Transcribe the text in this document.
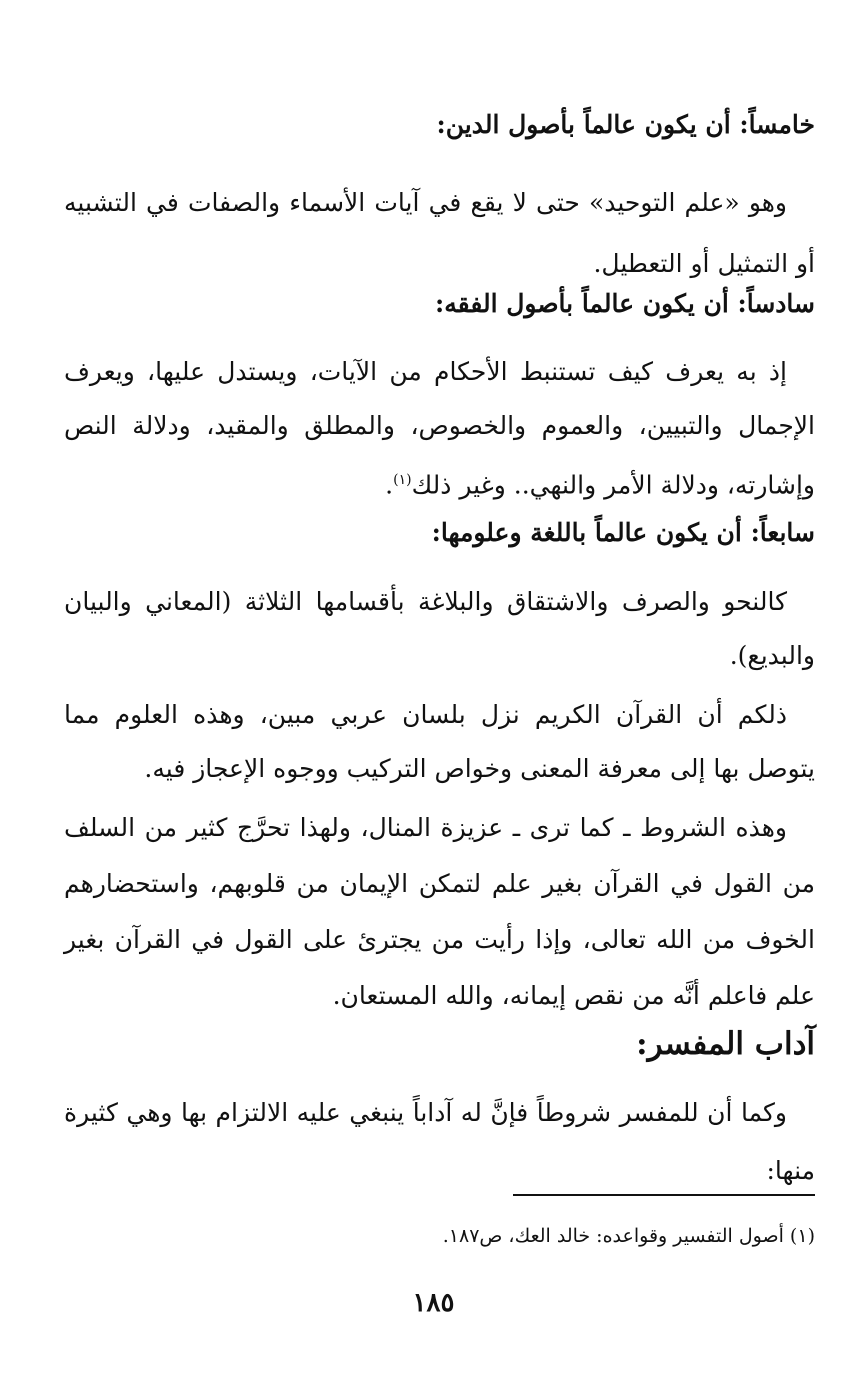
خامساً: أن يكون عالماً بأصول الدين:
وهو «علم التوحيد» حتى لا يقع في آيات الأسماء والصفات في التشبيه أو التمثيل أو التعطيل.
سادساً: أن يكون عالماً بأصول الفقه:
إذ به يعرف كيف تستنبط الأحكام من الآيات، ويستدل عليها، ويعرف الإجمال والتبيين، والعموم والخصوص، والمطلق والمقيد، ودلالة النص وإشارته، ودلالة الأمر والنهي.. وغير ذلك$^{(١)}$.
سابعاً: أن يكون عالماً باللغة وعلومها:
كالنحو والصرف والاشتقاق والبلاغة بأقسامها الثلاثة (المعاني والبيان والبديع).
ذلكم أن القرآن الكريم نزل بلسان عربي مبين، وهذه العلوم مما يتوصل بها إلى معرفة المعنى وخواص التركيب ووجوه الإعجاز فيه.
وهذه الشروط ـ كما ترى ـ عزيزة المنال، ولهذا تحرَّج كثير من السلف من القول في القرآن بغير علم لتمكن الإيمان من قلوبهم، واستحضارهم الخوف من الله تعالى، وإذا رأيت من يجترئ على القول في القرآن بغير علم فاعلم أنَّه من نقص إيمانه، والله المستعان.
آداب المفسر:
وكما أن للمفسر شروطاً فإنَّ له آداباً ينبغي عليه الالتزام بها وهي كثيرة منها:
(١) أصول التفسير وقواعده: خالد العك، ص١٨٧.
١٨٥
